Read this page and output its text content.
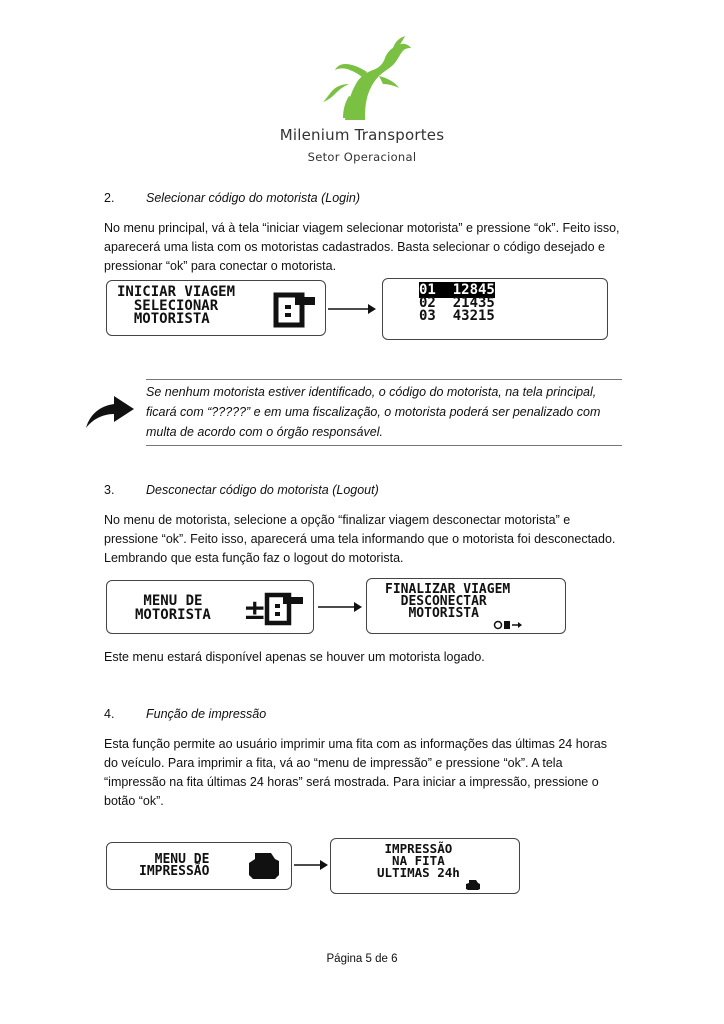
Milenium Transportes
Setor Operacional
2.	Selecionar código do motorista (Login)
No menu principal, vá à tela “iniciar viagem selecionar motorista” e pressione “ok”. Feito isso, aparecerá uma lista com os motoristas cadastrados. Basta selecionar o código desejado e pressionar “ok” para conectar o motorista.
INICIAR VIAGEM
SELECIONAR
MOTORISTA
01  12845
02  21435
03  43215
Se nenhum motorista estiver identificado, o código do motorista, na tela principal, ficará com “?????” e em uma fiscalização, o motorista poderá ser penalizado com multa de acordo com o órgão responsável.
3.	Desconectar código do motorista (Logout)
No menu de motorista, selecione a opção “finalizar viagem desconectar motorista” e pressione “ok”. Feito isso, aparecerá uma tela informando que o motorista foi desconectado. Lembrando que esta função faz o logout do motorista.
MENU DE
MOTORISTA ±
FINALIZAR VIAGEM
DESCONECTAR
MOTORISTA
Este menu estará disponível apenas se houver um motorista logado.
4.	Função de impressão
Esta função permite ao usuário imprimir uma fita com as informações das últimas 24 horas do veículo. Para imprimir a fita, vá ao “menu de impressão” e pressione “ok”. A tela “impressão na fita últimas 24 horas” será mostrada. Para iniciar a impressão, pressione o botão “ok”.
MENU DE
IMPRESSÃO
IMPRESSÃO
NA FITA
ULTIMAS 24h
Página 5 de 6
